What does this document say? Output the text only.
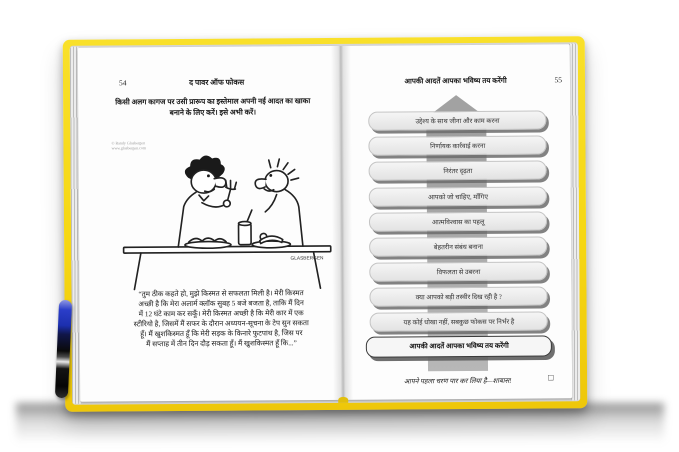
54	द पावर ऑफ फोकस
किसी अलग कागज पर उसी प्रारूप का इस्तेमाल अपनी नई आदत का खाका
बनाने के लिए करें। इसे अभी करें।
© Randy Glasbergen
www.glasbergen.com
GLASBERGEN
“तुम ठीक कहते हो, मुझे किस्मत से सफलता मिली है। मेरी किस्मत
अच्छी है कि मेरा अलार्म क्लॉक सुबह 5 बजे बजता है, ताकि मैं दिन
में 12 घंटे काम कर सकूँ। मेरी किस्मत अच्छी है कि मेरी कार में एक
स्टीरियो है, जिसमें मैं सफर के दौरान अध्ययन-सूचना के टेप सुन सकता
हूँ। मैं खुशकिस्मत हूँ कि मेरी सड़क के किनारे फुटपाथ है, जिस पर
मैं सप्ताह में तीन दिन दौड़ सकता हूँ। मैं खुशकिस्मत हूँ कि...”
आपकी आदतें आपका भविष्य तय करेंगी	55
उद्देश्य के साथ जीना और काम करना
निर्णायक कार्रवाई करना
निरंतर दृढ़ता
आपको जो चाहिए, माँगिए
आत्मविश्वास का पहलू
बेहतरीन संबंध बनाना
विफलता से उबरना
क्या आपको बड़ी तस्वीर दिख रही है ?
यह कोई धोखा नहीं, सबकुछ फोकस पर निर्भर है
आपकी आदतें आपका भविष्य तय करेंगी
आपने पहला चरण पार कर लिया है—शाबास!
□
